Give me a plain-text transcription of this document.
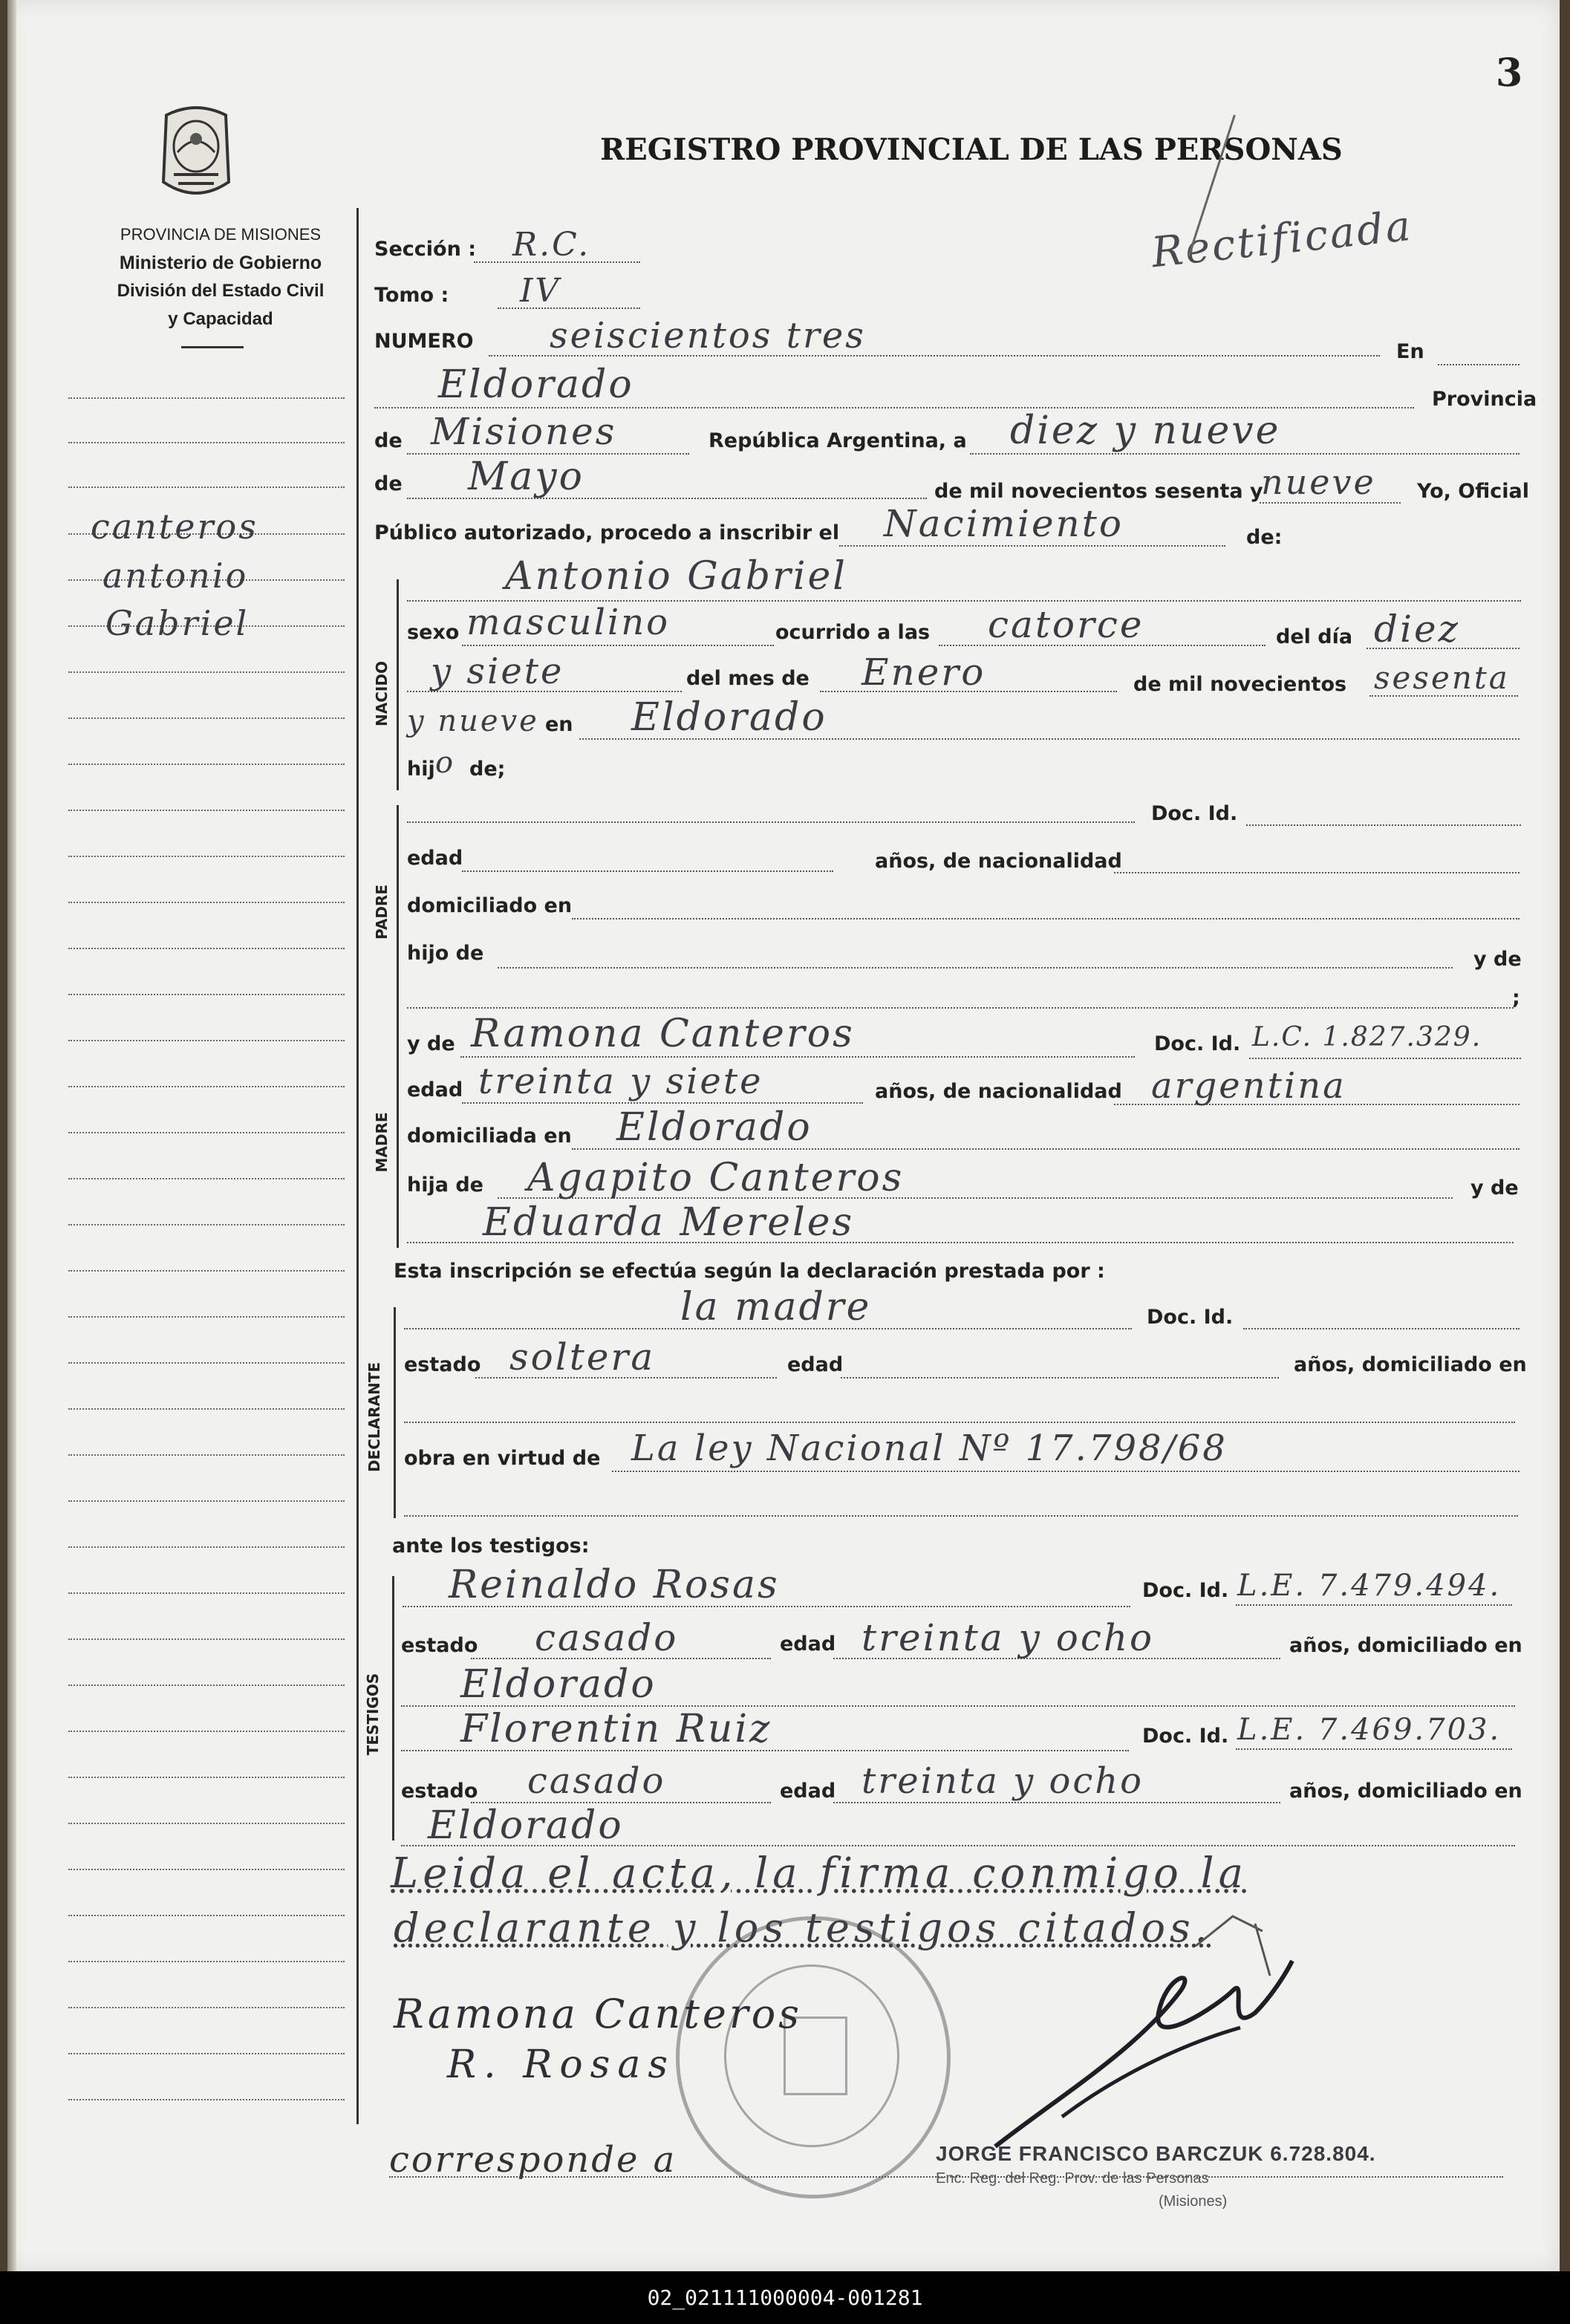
3
PROVINCIA DE MISIONES
Ministerio de Gobierno
División del Estado Civil
y Capacidad
REGISTRO PROVINCIAL DE LAS PERSONAS
Rectificada
canteros
antonio
Gabriel
Sección : R.C.
Tomo : IV
NUMERO seiscientos tres	En
Eldorado	Provincia
de Misiones	República Argentina, a diez y nueve
de Mayo	de mil novecientos sesenta y
nueve Yo, Oficial
Público autorizado, procedo a inscribir el Nacimiento	de:
NACIDO
Antonio Gabriel
sexo masculino	ocurrido a las catorce	del día diez
y siete	del mes de Enero	de mil novecientos sesenta
y nueve en Eldorado
hij o de;
PADRE
Doc. Id.
edad	años, de nacionalidad
domiciliado en
hijo de	y de
;
MADRE
y de Ramona Canteros	Doc. Id. L.C. 1.827.329.
edad treinta y siete	años, de nacionalidad argentina
domiciliada en Eldorado
hija de Agapito Canteros	y de
Eduarda Mereles
Esta inscripción se efectúa según la declaración prestada por :
DECLARANTE
la madre	Doc. Id.
estado soltera	edad	años, domiciliado en
obra en virtud de La ley Nacional Nº 17.798/68
ante los testigos:
TESTIGOS
Reinaldo Rosas	Doc. Id. L.E. 7.479.494.
estado casado	edad treinta y ocho	años, domiciliado en
Eldorado
Florentin Ruiz	Doc. Id. L.E. 7.469.703.
estado casado	edad treinta y ocho	años, domiciliado en
Eldorado
Leida el acta, la firma conmigo la
declarante y los testigos citados.
Ramona Canteros
R. Rosas
corresponde a	JORGE FRANCISCO BARCZUK 6.728.804.
Enc. Reg. del Reg. Prov. de las Personas
(Misiones)
02_021111000004-001281
